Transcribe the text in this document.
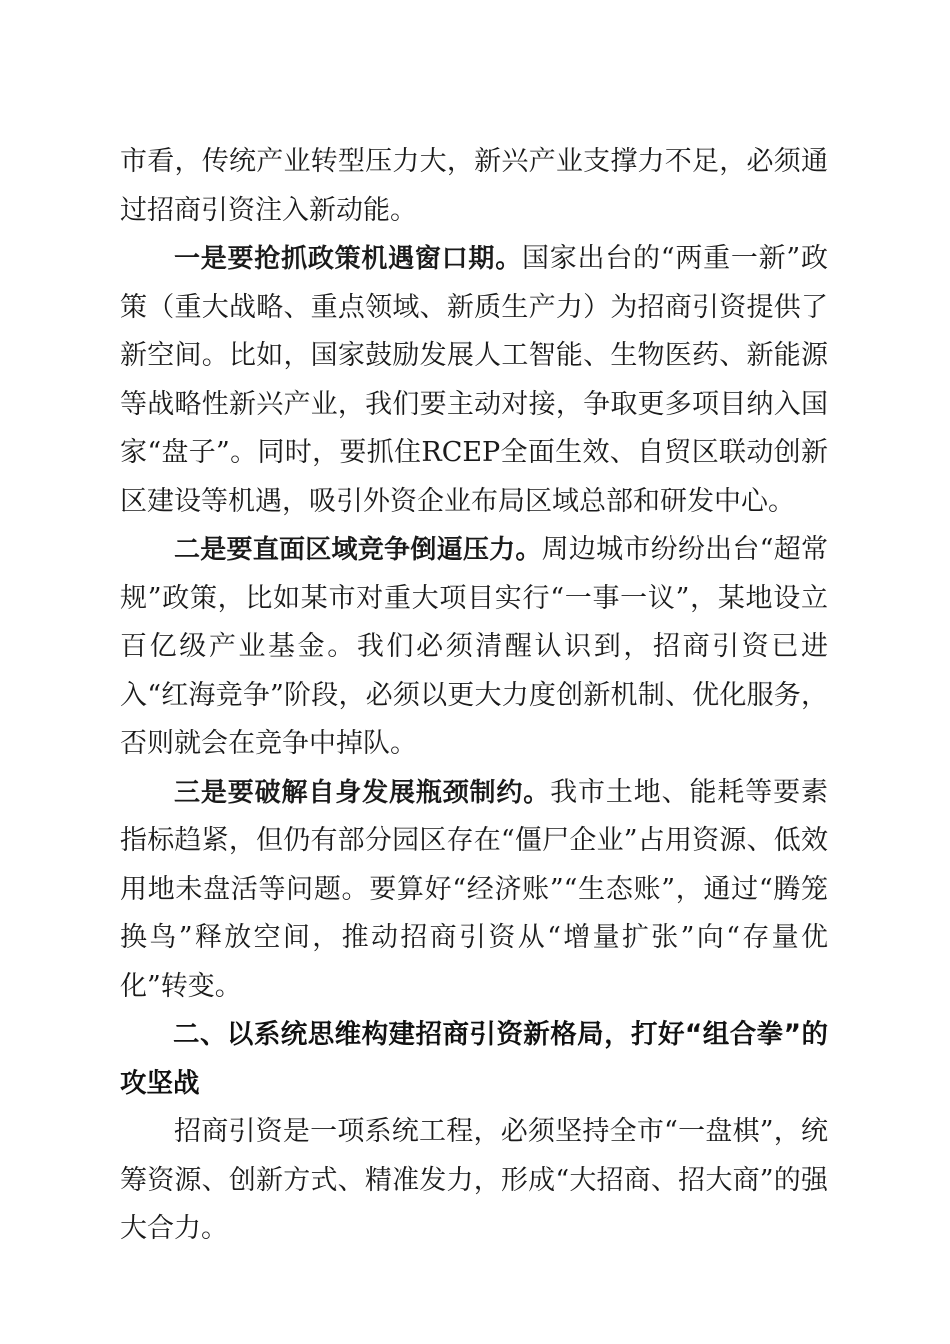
市看，传统产业转型压力大，新兴产业支撑力不足，必须通过招商引资注入新动能。

一是要抢抓政策机遇窗口期。国家出台的“两重一新”政策（重大战略、重点领域、新质生产力）为招商引资提供了新空间。比如，国家鼓励发展人工智能、生物医药、新能源等战略性新兴产业，我们要主动对接，争取更多项目纳入国家“盘子”。同时，要抓住RCEP全面生效、自贸区联动创新区建设等机遇，吸引外资企业布局区域总部和研发中心。

二是要直面区域竞争倒逼压力。周边城市纷纷出台“超常规”政策，比如某市对重大项目实行“一事一议”，某地设立百亿级产业基金。我们必须清醒认识到，招商引资已进入“红海竞争”阶段，必须以更大力度创新机制、优化服务，否则就会在竞争中掉队。

三是要破解自身发展瓶颈制约。我市土地、能耗等要素指标趋紧，但仍有部分园区存在“僵尸企业”占用资源、低效用地未盘活等问题。要算好“经济账”“生态账”，通过“腾笼换鸟”释放空间，推动招商引资从“增量扩张”向“存量优化”转变。

二、以系统思维构建招商引资新格局，打好“组合拳”的攻坚战

招商引资是一项系统工程，必须坚持全市“一盘棋”，统筹资源、创新方式、精准发力，形成“大招商、招大商”的强大合力。
